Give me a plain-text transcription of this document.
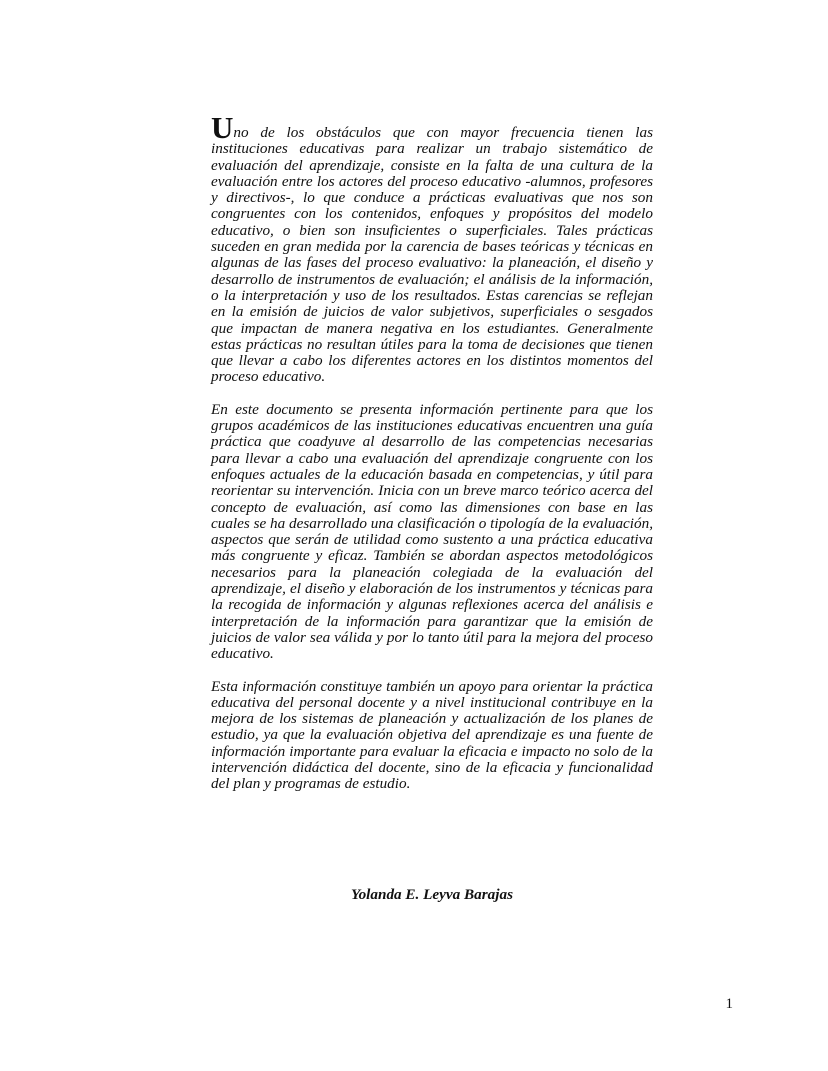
Uno de los obstáculos que con mayor frecuencia tienen las instituciones educativas para realizar un trabajo sistemático de evaluación del aprendizaje, consiste en la falta de una cultura de la evaluación entre los actores del proceso educativo -alumnos, profesores y directivos-, lo que conduce a prácticas evaluativas que nos son congruentes con los contenidos, enfoques y propósitos del modelo educativo, o bien son insuficientes o superficiales. Tales prácticas suceden en gran medida por la carencia de bases teóricas y técnicas en algunas de las fases del proceso evaluativo: la planeación, el diseño y desarrollo de instrumentos de evaluación; el análisis de la información, o la interpretación y uso de los resultados. Estas carencias se reflejan en la emisión de juicios de valor subjetivos, superficiales o sesgados que impactan de manera negativa en los estudiantes. Generalmente estas prácticas no resultan útiles para la toma de decisiones que tienen que llevar a cabo los diferentes actores en los distintos momentos del proceso educativo.

En este documento se presenta información pertinente para que los grupos académicos de las instituciones educativas encuentren una guía práctica que coadyuve al desarrollo de las competencias necesarias para llevar a cabo una evaluación del aprendizaje congruente con los enfoques actuales de la educación basada en competencias, y útil para reorientar su intervención. Inicia con un breve marco teórico acerca del concepto de evaluación, así como las dimensiones con base en las cuales se ha desarrollado una clasificación o tipología de la evaluación, aspectos que serán de utilidad como sustento a una práctica educativa más congruente y eficaz. También se abordan aspectos metodológicos necesarios para la planeación colegiada de la evaluación del aprendizaje, el diseño y elaboración de los instrumentos y técnicas para la recogida de información y algunas reflexiones acerca del análisis e interpretación de la información para garantizar que la emisión de juicios de valor sea válida y por lo tanto útil para la mejora del proceso educativo.

Esta información constituye también un apoyo para orientar la práctica educativa del personal docente y a nivel institucional contribuye en la mejora de los sistemas de planeación y actualización de los planes de estudio, ya que la evaluación objetiva del aprendizaje es una fuente de información importante para evaluar la eficacia e impacto no solo de la intervención didáctica del docente, sino de la eficacia y funcionalidad del plan y programas de estudio.

Yolanda E. Leyva Barajas

1
